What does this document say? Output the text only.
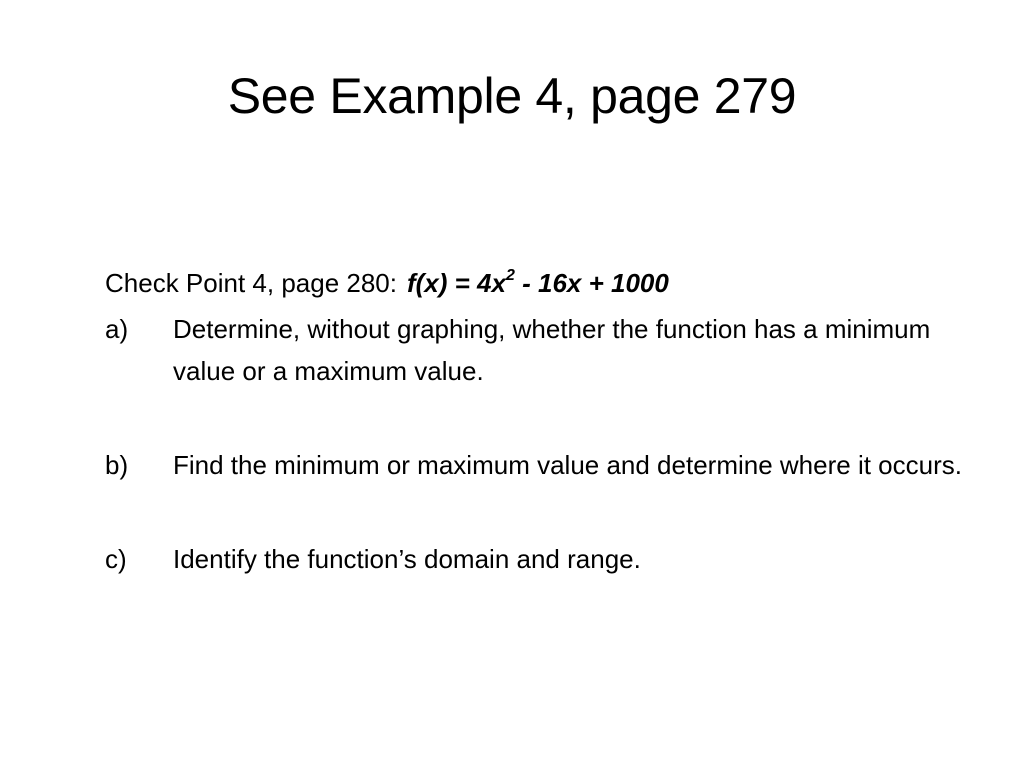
See Example 4, page 279
Check Point 4, page 280: $f(x) = 4x^2 - 16x + 1000$
a)	Determine, without graphing, whether the function has a minimum value or a maximum value.
b)	Find the minimum or maximum value and determine where it occurs.
c)	Identify the function’s domain and range.
